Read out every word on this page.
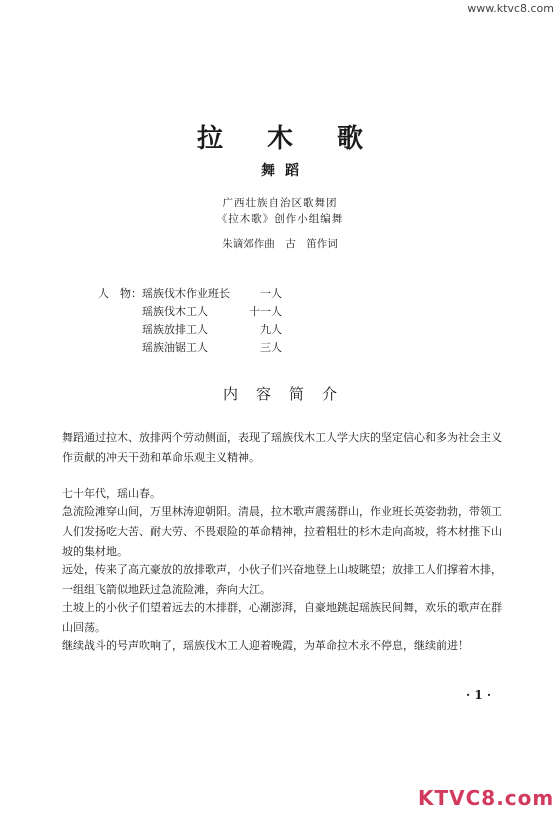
www.ktvc8.com
拉木歌
舞蹈
广西壮族自治区歌舞团
《拉木歌》创作小组编舞
朱谪郊作曲　古　笛作词
人　物： 瑶族伐木作业班长	一人
瑶族伐木工人	十一人
瑶族放排工人	九人
瑶族油锯工人	三人
内容简介
舞蹈通过拉木、放排两个劳动侧面，表现了瑶族伐木工人学大庆的坚定信心和多为社会主义作贡献的冲天干劲和革命乐观主义精神。
七十年代，瑶山春。
急流险滩穿山间，万里林涛迎朝阳。清晨，拉木歌声震荡群山，作业班长英姿勃勃，带领工人们发扬吃大苦、耐大劳、不畏艰险的革命精神，拉着粗壮的杉木走向高坡，将木材推下山坡的集材地。
远处，传来了高亢豪放的放排歌声，小伙子们兴奋地登上山坡眺望；放排工人们撑着木排，一组组飞箭似地跃过急流险滩，奔向大江。
土坡上的小伙子们望着远去的木排群，心潮澎湃，自豪地跳起瑶族民间舞，欢乐的歌声在群山回荡。
继续战斗的号声吹响了，瑶族伐木工人迎着晚霞，为革命拉木永不停息，继续前进！
· 1 ·
KTVC8.com
